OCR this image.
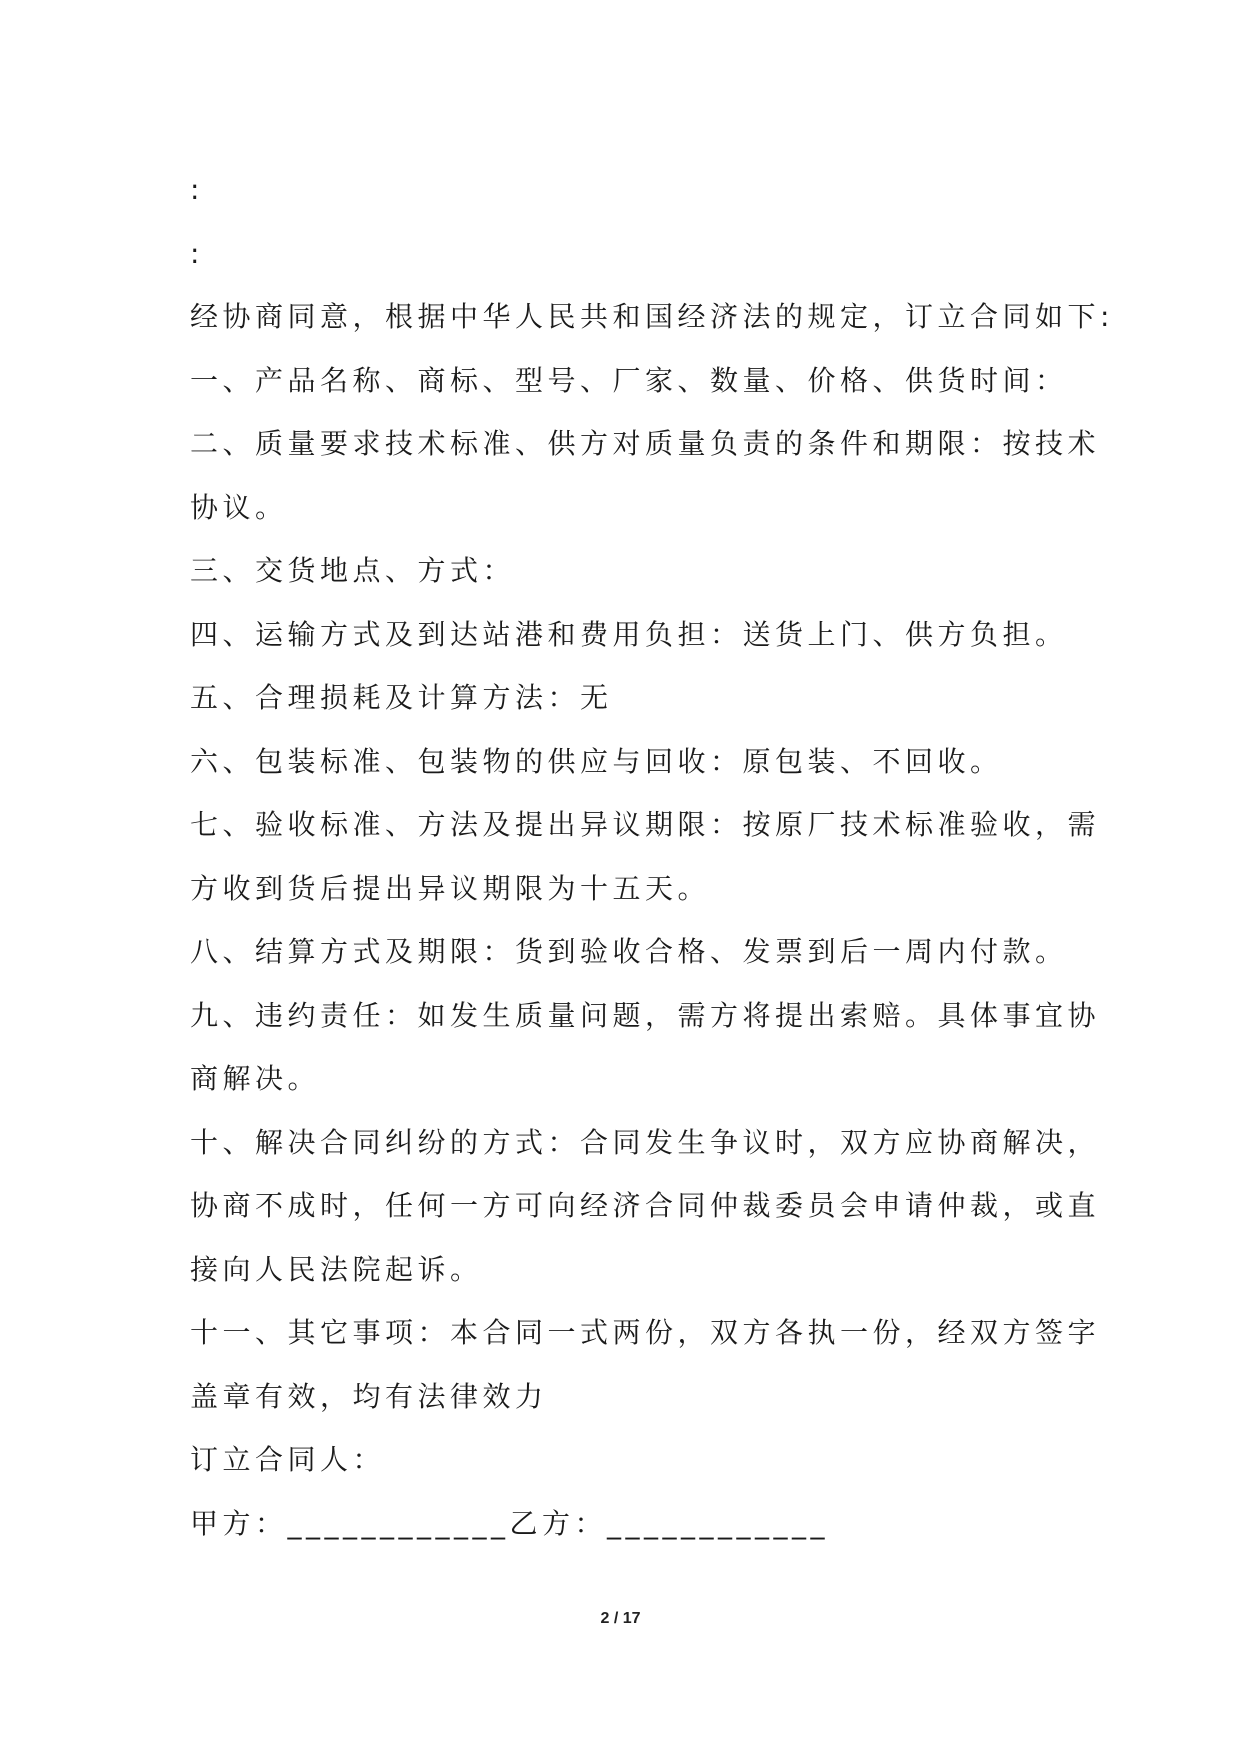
:
:
经协商同意，根据中华人民共和国经济法的规定，订立合同如下:
一、产品名称、商标、型号、厂家、数量、价格、供货时间：
二、质量要求技术标准、供方对质量负责的条件和期限：按技术
协议。
三、交货地点、方式：
四、运输方式及到达站港和费用负担：送货上门、供方负担。
五、合理损耗及计算方法：无
六、包装标准、包装物的供应与回收：原包装、不回收。
七、验收标准、方法及提出异议期限：按原厂技术标准验收，需
方收到货后提出异议期限为十五天。
八、结算方式及期限：货到验收合格、发票到后一周内付款。
九、违约责任：如发生质量问题，需方将提出索赔。具体事宜协
商解决。
十、解决合同纠纷的方式：合同发生争议时，双方应协商解决，
协商不成时，任何一方可向经济合同仲裁委员会申请仲裁，或直
接向人民法院起诉。
十一、其它事项：本合同一式两份，双方各执一份，经双方签字
盖章有效，均有法律效力
订立合同人：
甲方：____________乙方：____________
2 / 17
